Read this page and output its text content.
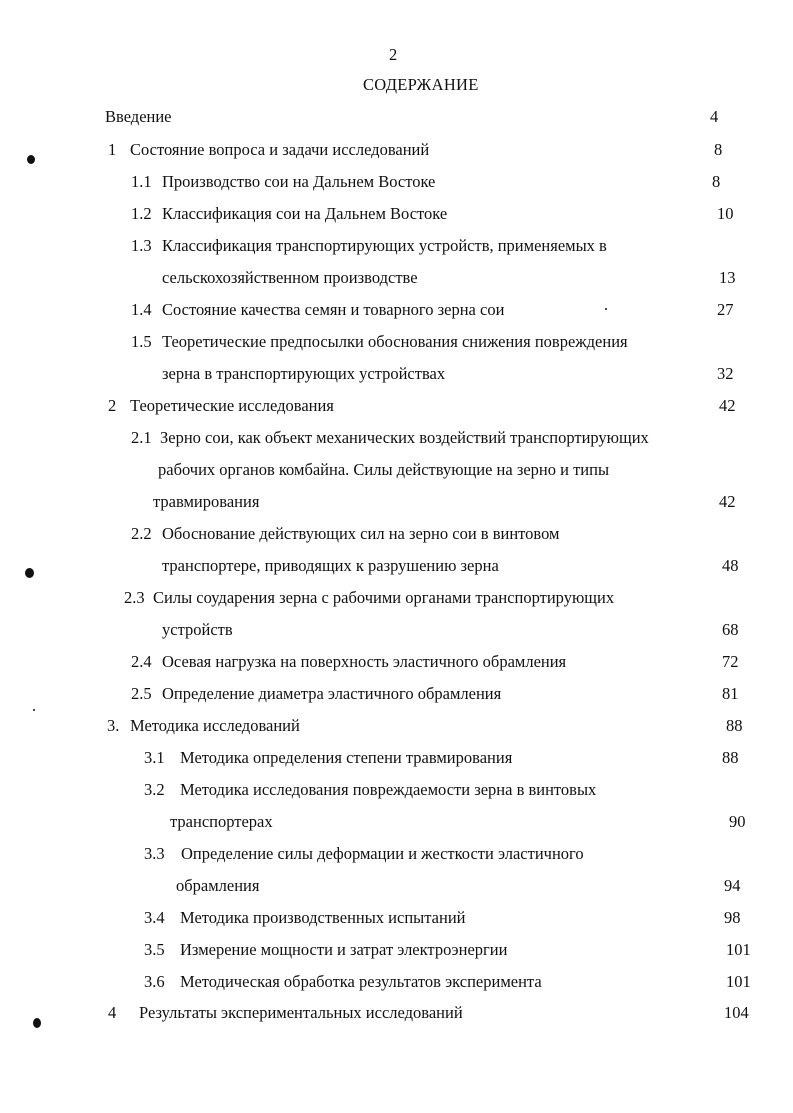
2
СОДЕРЖАНИЕ
Введение	4
1 Состояние вопроса и задачи исследований	8
1.1 Производство сои на Дальнем Востоке	8
1.2 Классификация сои на Дальнем Востоке	10
1.3 Классификация транспортирующих устройств, применяемых в
сельскохозяйственном производстве	13
1.4 Состояние качества семян и товарного зерна сои	27
1.5 Теоретические предпосылки обоснования снижения повреждения
зерна в транспортирующих устройствах	32
2 Теоретические исследования	42
2.1 Зерно сои, как объект механических воздействий транспортирующих
рабочих органов комбайна. Силы действующие на зерно и типы
травмирования	42
2.2 Обоснование действующих сил на зерно сои в винтовом
транспортере, приводящих к разрушению зерна	48
2.3 Силы соударения зерна с рабочими органами транспортирующих
устройств	68
2.4 Осевая нагрузка на поверхность эластичного обрамления	72
2.5 Определение диаметра эластичного обрамления	81
3. Методика исследований	88
3.1 Методика определения степени травмирования	88
3.2 Методика исследования повреждаемости зерна в винтовых
транспортерах	90
3.3 Определение силы деформации и жесткости эластичного
обрамления	94
3.4 Методика производственных испытаний	98
3.5 Измерение мощности и затрат электроэнергии	101
3.6 Методическая обработка результатов эксперимента	101
4 Результаты экспериментальных исследований	104
